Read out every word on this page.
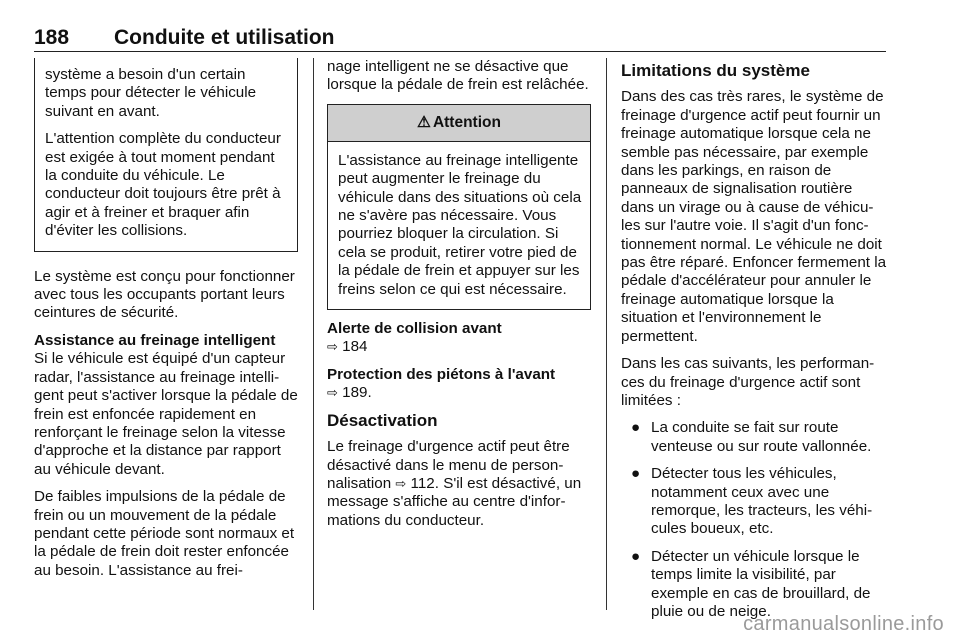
188 Conduite et utilisation

système a besoin d'un certain temps pour détecter le véhicule suivant en avant.

L'attention complète du conducteur est exigée à tout moment pendant la conduite du véhicule. Le conducteur doit toujours être prêt à agir et à freiner et braquer afin d'éviter les collisions.

Le système est conçu pour fonctionner avec tous les occupants portant leurs ceintures de sécurité.

Assistance au freinage intelligent
Si le véhicule est équipé d'un capteur radar, l'assistance au freinage intelligent peut s'activer lorsque la pédale de frein est enfoncée rapidement en renforçant le freinage selon la vitesse d'approche et la distance par rapport au véhicule devant.

De faibles impulsions de la pédale de frein ou un mouvement de la pédale pendant cette période sont normaux et la pédale de frein doit rester enfoncée au besoin. L'assistance au frei-

nage intelligent ne se désactive que lorsque la pédale de frein est relâchée.

⚠ Attention
L'assistance au freinage intelligente peut augmenter le freinage du véhicule dans des situations où cela ne s'avère pas nécessaire. Vous pourriez bloquer la circulation. Si cela se produit, retirer votre pied de la pédale de frein et appuyer sur les freins selon ce qui est nécessaire.

Alerte de collision avant
⇨ 184

Protection des piétons à l'avant
⇨ 189.

Désactivation

Le freinage d'urgence actif peut être désactivé dans le menu de personnalisation ⇨ 112. S'il est désactivé, un message s'affiche au centre d'informations du conducteur.

Limitations du système

Dans des cas très rares, le système de freinage d'urgence actif peut fournir un freinage automatique lorsque cela ne semble pas nécessaire, par exemple dans les parkings, en raison de panneaux de signalisation routière dans un virage ou à cause de véhicules sur l'autre voie. Il s'agit d'un fonctionnement normal. Le véhicule ne doit pas être réparé. Enfoncer fermement la pédale d'accélérateur pour annuler le freinage automatique lorsque la situation et l'environnement le permettent.

Dans les cas suivants, les performances du freinage d'urgence actif sont limitées :

● La conduite se fait sur route venteuse ou sur route vallonnée.
● Détecter tous les véhicules, notamment ceux avec une remorque, les tracteurs, les véhicules boueux, etc.
● Détecter un véhicule lorsque le temps limite la visibilité, par exemple en cas de brouillard, de pluie ou de neige.
carmanualsonline.info
